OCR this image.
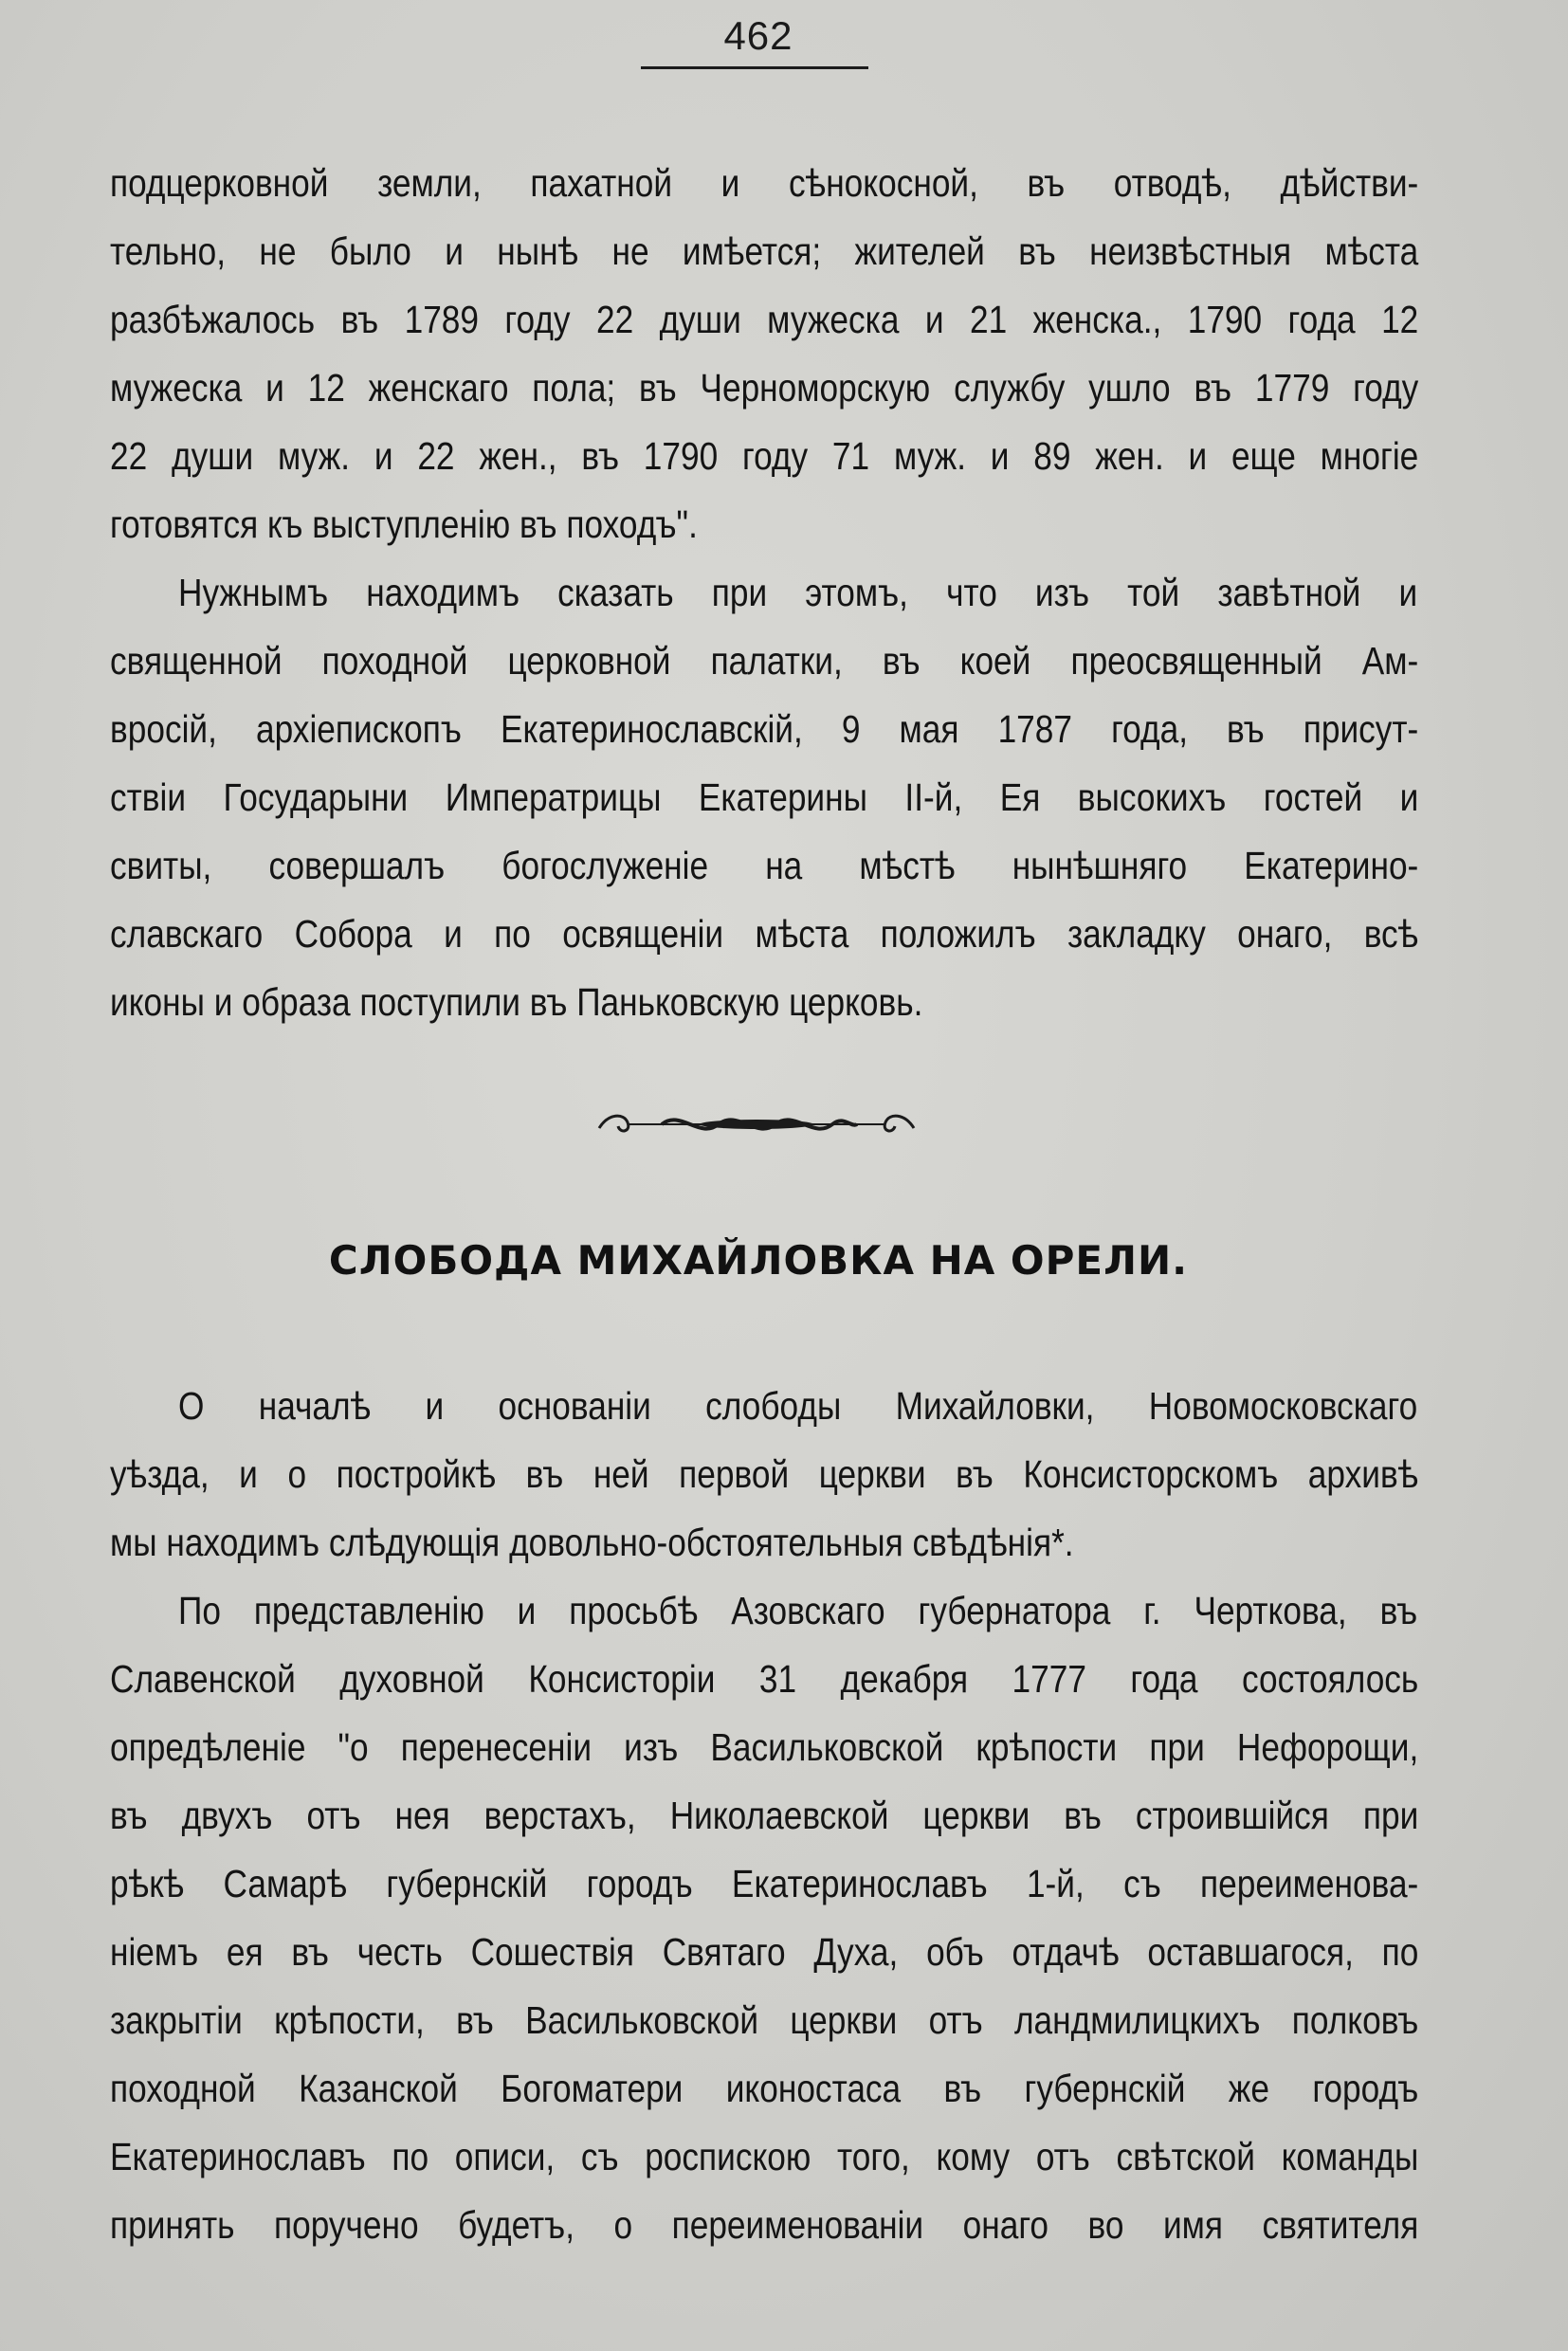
462
подцерковной земли, пахатной и сѣнокосной, въ отводѣ, дѣйстви-
тельно, не было и нынѣ не имѣется; жителей въ неизвѣстныя мѣста
разбѣжалось въ 1789 году 22 души мужеска и 21 женска., 1790 года 12
мужеска и 12 женскаго пола; въ Черноморскую службу ушло въ 1779 году
22 души муж. и 22 жен., въ 1790 году 71 муж. и 89 жен. и еще многіе
готовятся къ выступленію въ походъ".
Нужнымъ находимъ сказать при этомъ, что изъ той завѣтной и
священной походной церковной палатки, въ коей преосвященный Ам-
вросій, архіепископъ Екатеринославскій, 9 мая 1787 года, въ присут-
ствіи Государыни Императрицы Екатерины II-й, Ея высокихъ гостей и
свиты, совершалъ богослуженіе на мѣстѣ нынѣшняго Екатерино-
славскаго Собора и по освященіи мѣста положилъ закладку онаго, всѣ
иконы и образа поступили въ Паньковскую церковь.
СЛОБОДА МИХАЙЛОВКА НА ОРЕЛИ.
О началѣ и основаніи слободы Михайловки, Новомосковскаго
уѣзда, и о постройкѣ въ ней первой церкви въ Консисторскомъ архивѣ
мы находимъ слѣдующія довольно-обстоятельныя свѣдѣнія*.
По представленію и просьбѣ Азовскаго губернатора г. Черткова, въ
Славенской духовной Консисторіи 31 декабря 1777 года состоялось
опредѣленіе "о перенесеніи изъ Васильковской крѣпости при Нефорощи,
въ двухъ отъ нея верстахъ, Николаевской церкви въ строившійся при
рѣкѣ Самарѣ губернскій городъ Екатеринославъ 1-й, съ переименова-
ніемъ ея въ честь Сошествія Святаго Духа, объ отдачѣ оставшагося, по
закрытіи крѣпости, въ Васильковской церкви отъ ландмилицкихъ полковъ
походной Казанской Богоматери иконостаса въ губернскій же городъ
Екатеринославъ по описи, съ роспискою того, кому отъ свѣтской команды
принять поручено будетъ, о переименованіи онаго во имя святителя
